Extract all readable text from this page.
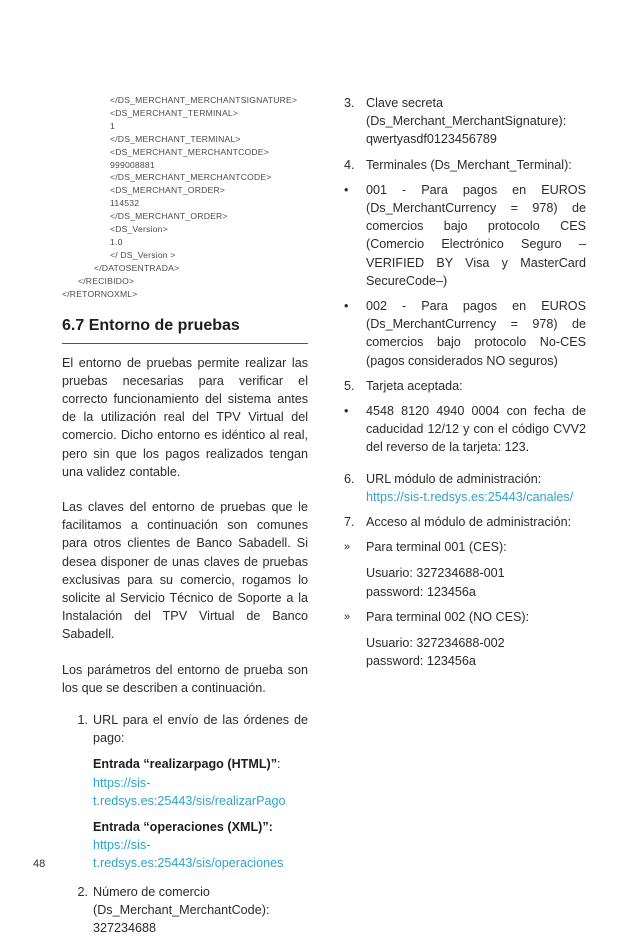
</DS_MERCHANT_MERCHANTSIGNATURE>
<DS_MERCHANT_TERMINAL>
1
</DS_MERCHANT_TERMINAL>
<DS_MERCHANT_MERCHANTCODE>
999008881
</DS_MERCHANT_MERCHANTCODE>
<DS_MERCHANT_ORDER>
114532
</DS_MERCHANT_ORDER>
<DS_Version>
1.0
</ DS_Version >
</DATOSENTRADA>
</RECIBIDO>
</RETORNOXML>
6.7 Entorno de pruebas
El entorno de pruebas permite realizar las pruebas necesarias para verificar el correcto funcionamiento del sistema antes de la utilización real del TPV Virtual del comercio. Dicho entorno es idéntico al real, pero sin que los pagos realizados tengan una validez contable.
Las claves del entorno de pruebas que le facilitamos a continuación son comunes para otros clientes de Banco Sabadell. Si desea disponer de unas claves de pruebas exclusivas para su comercio, rogamos lo solicite al Servicio Técnico de Soporte a la Instalación del TPV Virtual de Banco Sabadell.
Los parámetros del entorno de prueba son los que se describen a continuación.
1. URL para el envío de las órdenes de pago:
Entrada “realizarpago (HTML)”:
https://sis-t.redsys.es:25443/sis/realizarPago
Entrada “operaciones (XML)”:
https://sis-t.redsys.es:25443/sis/operaciones
2. Número de comercio (Ds_Merchant_MerchantCode): 327234688
3. Clave secreta (Ds_Merchant_MerchantSignature): qwertyasdf0123456789
4. Terminales (Ds_Merchant_Terminal):
•	001 - Para pagos en EUROS (Ds_MerchantCurrency = 978) de comercios bajo protocolo CES (Comercio Electrónico Seguro –VERIFIED BY Visa y MasterCard SecureCode–)
•	002 - Para pagos en EUROS (Ds_MerchantCurrency = 978) de comercios bajo protocolo No-CES (pagos considerados NO seguros)
5. Tarjeta aceptada:
•	4548 8120 4940 0004 con fecha de caducidad 12/12 y con el código CVV2 del reverso de la tarjeta: 123.
6. URL módulo de administración:
https://sis-t.redsys.es:25443/canales/
7. Acceso al módulo de administración:
»	Para terminal 001 (CES):
Usuario: 327234688-001
password: 123456a
»	Para terminal 002 (NO CES):
Usuario: 327234688-002
password: 123456a
48
